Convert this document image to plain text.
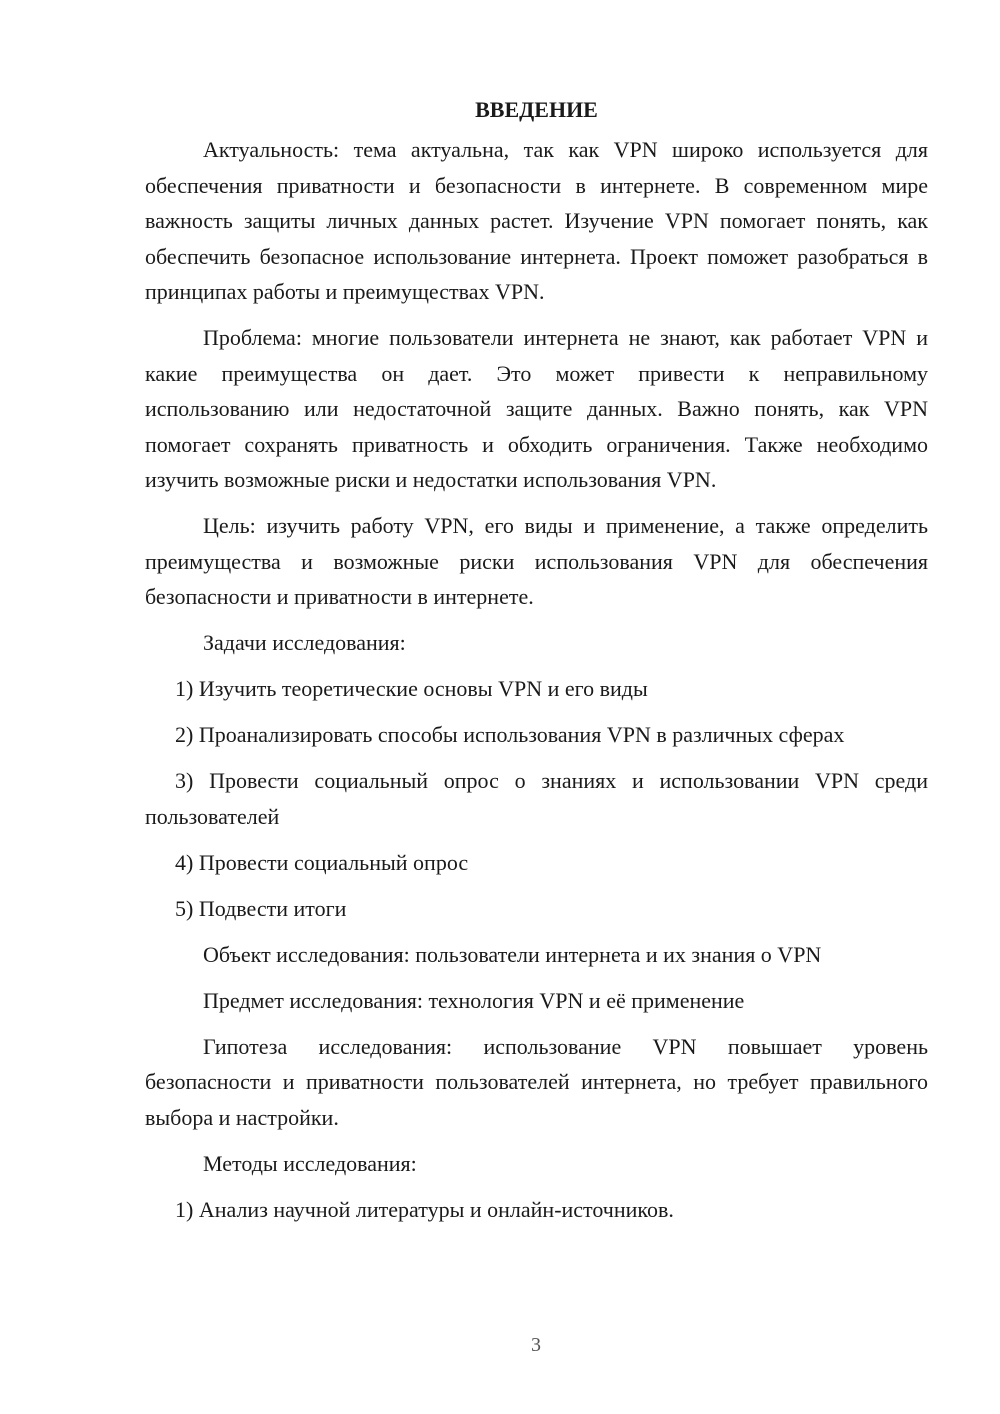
ВВЕДЕНИЕ

Актуальность: тема актуальна, так как VPN широко используется для обеспечения приватности и безопасности в интернете. В современном мире важность защиты личных данных растет. Изучение VPN помогает понять, как обеспечить безопасное использование интернета. Проект поможет разобраться в принципах работы и преимуществах VPN.

Проблема: многие пользователи интернета не знают, как работает VPN и какие преимущества он дает. Это может привести к неправильному использованию или недостаточной защите данных. Важно понять, как VPN помогает сохранять приватность и обходить ограничения. Также необходимо изучить возможные риски и недостатки использования VPN.

Цель: изучить работу VPN, его виды и применение, а также определить преимущества и возможные риски использования VPN для обеспечения безопасности и приватности в интернете.

Задачи исследования:

1) Изучить теоретические основы VPN и его виды

2) Проанализировать способы использования VPN в различных сферах

3) Провести социальный опрос о знаниях и использовании VPN среди пользователей

4) Провести социальный опрос

5) Подвести итоги

Объект исследования: пользователи интернета и их знания о VPN

Предмет исследования: технология VPN и её применение

Гипотеза исследования: использование VPN повышает уровень безопасности и приватности пользователей интернета, но требует правильного выбора и настройки.

Методы исследования:

1) Анализ научной литературы и онлайн-источников.

3
